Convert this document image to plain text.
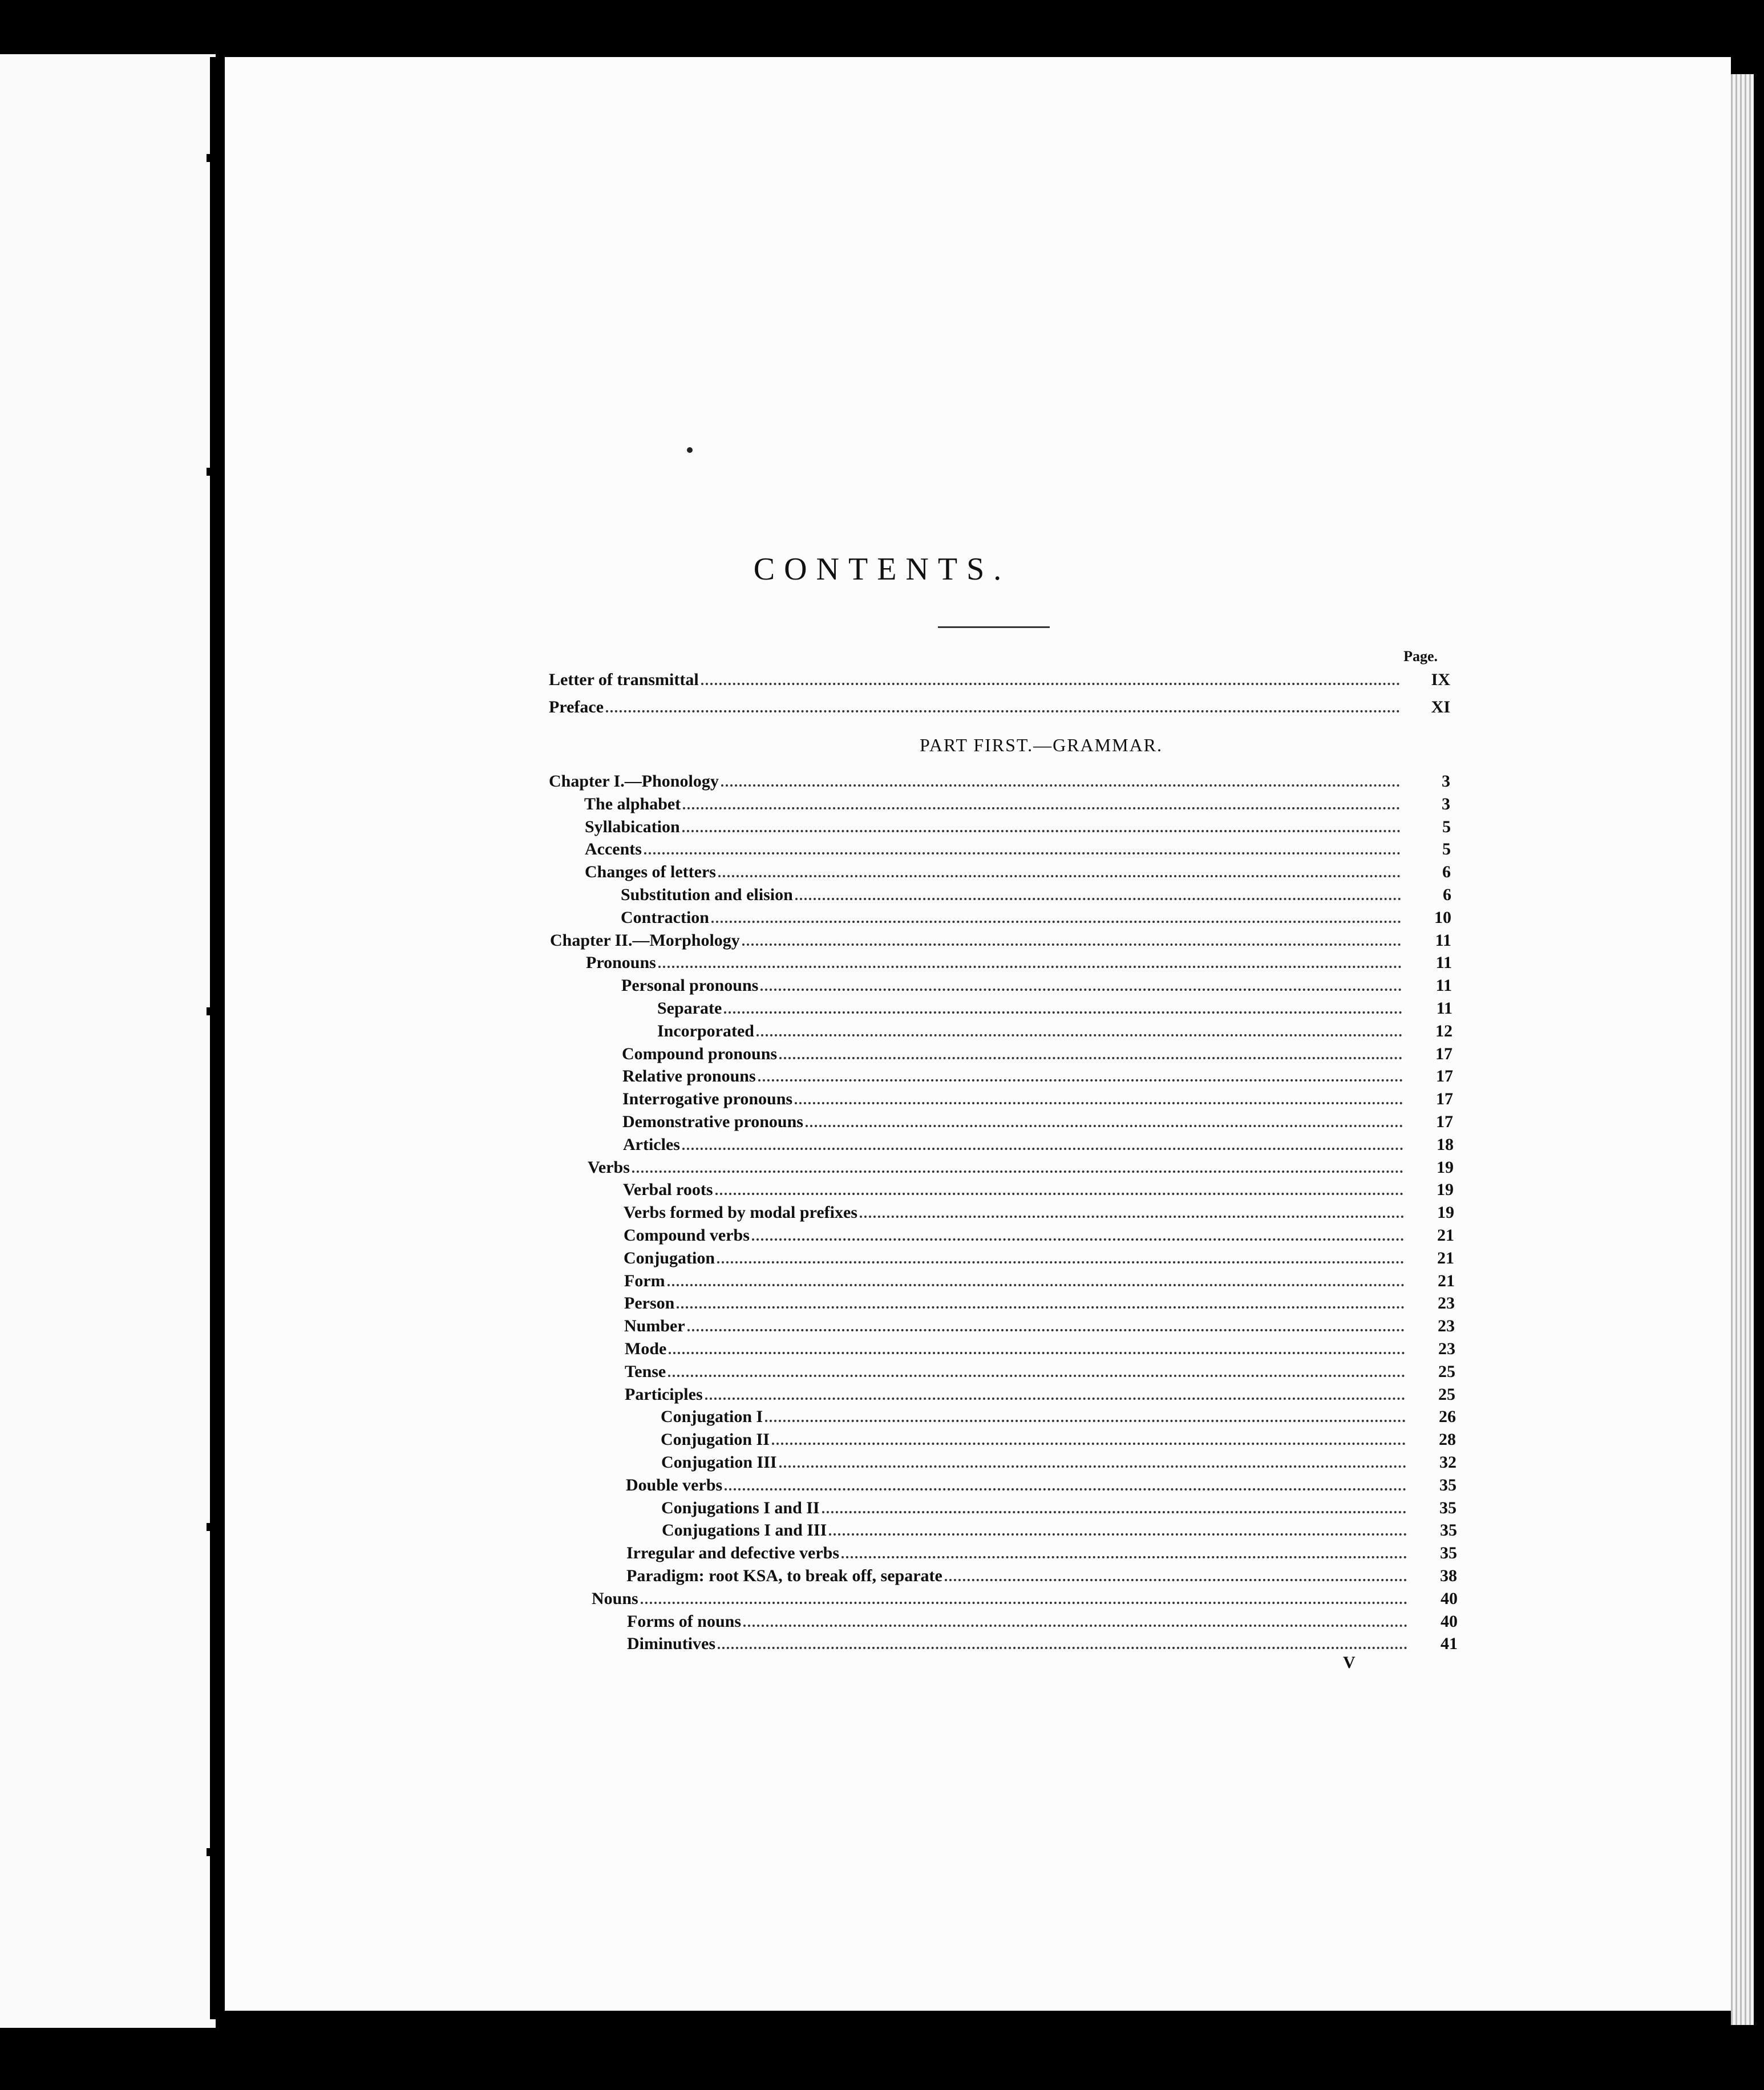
CONTENTS.
Page.
Letter of transmittal	IX
Preface	XI
PART FIRST.—GRAMMAR.
Chapter I.—Phonology	3
The alphabet	3
Syllabication	5
Accents	5
Changes of letters	6
Substitution and elision	6
Contraction	10
Chapter II.—Morphology	11
Pronouns	11
Personal pronouns	11
Separate	11
Incorporated	12
Compound pronouns	17
Relative pronouns	17
Interrogative pronouns	17
Demonstrative pronouns	17
Articles	18
Verbs	19
Verbal roots	19
Verbs formed by modal prefixes	19
Compound verbs	21
Conjugation	21
Form	21
Person	23
Number	23
Mode	23
Tense	25
Participles	25
Conjugation I	26
Conjugation II	28
Conjugation III	32
Double verbs	35
Conjugations I and II	35
Conjugations I and III	35
Irregular and defective verbs	35
Paradigm: root KSA, to break off, separate	38
Nouns	40
Forms of nouns	40
Diminutives	41
V
